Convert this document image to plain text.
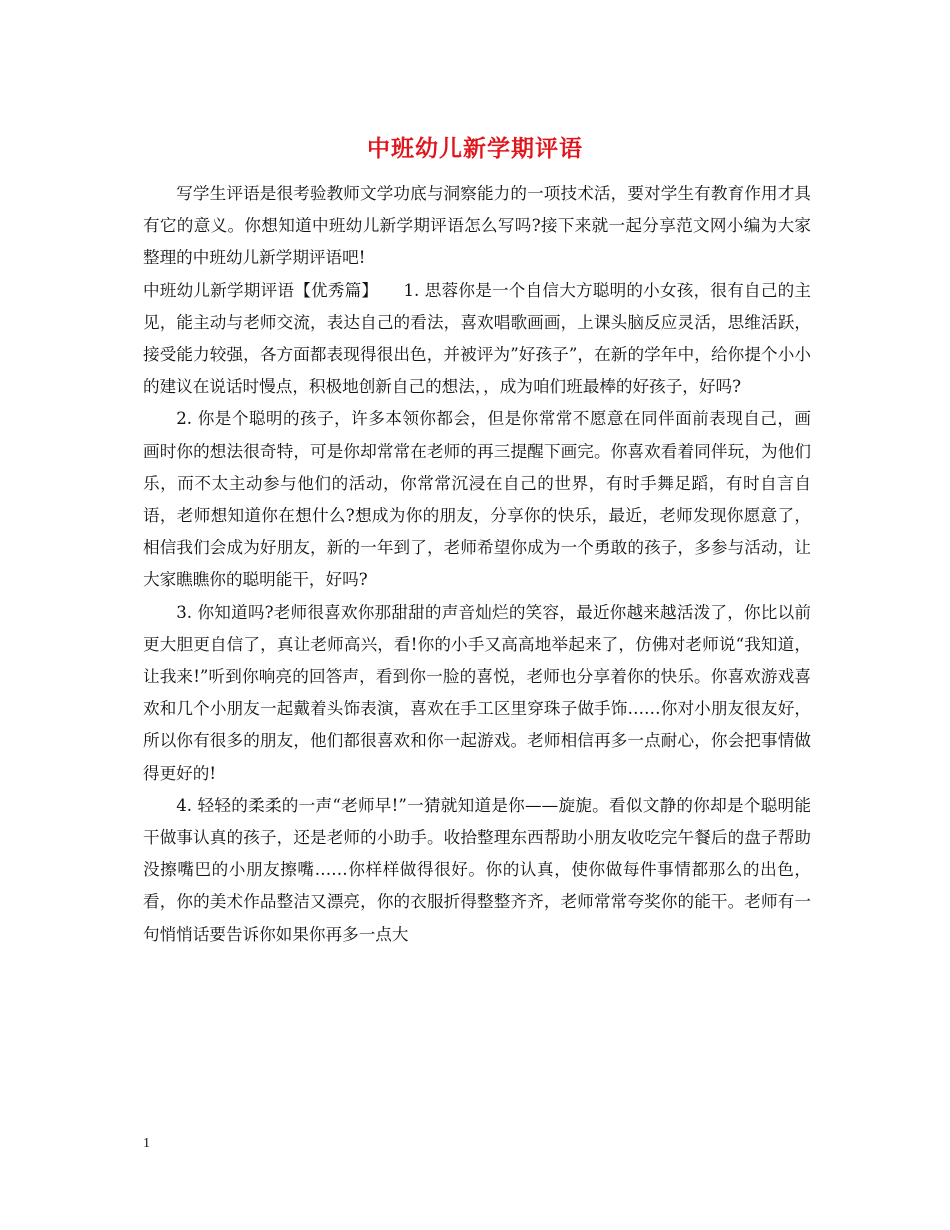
中班幼儿新学期评语

写学生评语是很考验教师文学功底与洞察能力的一项技术活，要对学生有教育作用才具有它的意义。你想知道中班幼儿新学期评语怎么写吗?接下来就一起分享范文网小编为大家整理的中班幼儿新学期评语吧!

中班幼儿新学期评语【优秀篇】　　1. 思蓉你是一个自信大方聪明的小女孩，很有自己的主见，能主动与老师交流，表达自己的看法，喜欢唱歌画画，上课头脑反应灵活，思维活跃，接受能力较强，各方面都表现得很出色，并被评为”好孩子”，在新的学年中，给你提个小小的建议在说话时慢点，积极地创新自己的想法，，成为咱们班最棒的好孩子，好吗?

2. 你是个聪明的孩子，许多本领你都会，但是你常常不愿意在同伴面前表现自己，画画时你的想法很奇特，可是你却常常在老师的再三提醒下画完。你喜欢看着同伴玩，为他们乐，而不太主动参与他们的活动，你常常沉浸在自己的世界，有时手舞足蹈，有时自言自语，老师想知道你在想什么?想成为你的朋友，分享你的快乐，最近，老师发现你愿意了，相信我们会成为好朋友，新的一年到了，老师希望你成为一个勇敢的孩子，多参与活动，让大家瞧瞧你的聪明能干，好吗?

3. 你知道吗?老师很喜欢你那甜甜的声音灿烂的笑容，最近你越来越活泼了，你比以前更大胆更自信了，真让老师高兴，看!你的小手又高高地举起来了，仿佛对老师说“我知道，让我来!”听到你响亮的回答声，看到你一脸的喜悦，老师也分享着你的快乐。你喜欢游戏喜欢和几个小朋友一起戴着头饰表演，喜欢在手工区里穿珠子做手饰……你对小朋友很友好，所以你有很多的朋友，他们都很喜欢和你一起游戏。老师相信再多一点耐心，你会把事情做得更好的!

4. 轻轻的柔柔的一声“老师早!”一猜就知道是你——旋旎。看似文静的你却是个聪明能干做事认真的孩子，还是老师的小助手。收拾整理东西帮助小朋友收吃完午餐后的盘子帮助没擦嘴巴的小朋友擦嘴……你样样做得很好。你的认真，使你做每件事情都那么的出色，看，你的美术作品整洁又漂亮，你的衣服折得整整齐齐，老师常常夸奖你的能干。老师有一句悄悄话要告诉你如果你再多一点大

1
